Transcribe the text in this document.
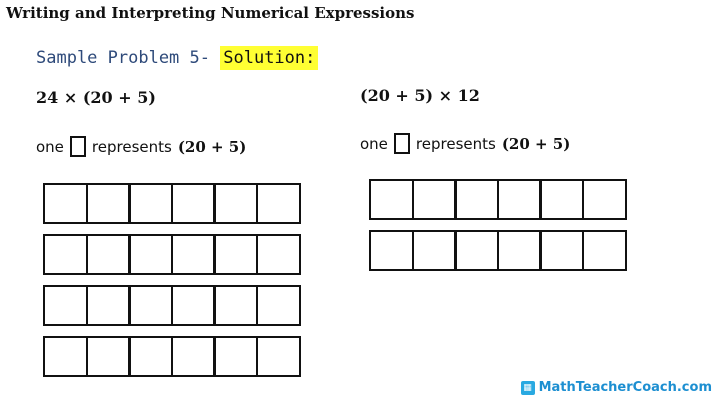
Writing and Interpreting Numerical Expressions
Sample Problem 5- Solution:
24 × (20 + 5)
one represents (20 + 5)
(20 + 5) × 12
one represents (20 + 5)
▦ MathTeacherCoach.com
